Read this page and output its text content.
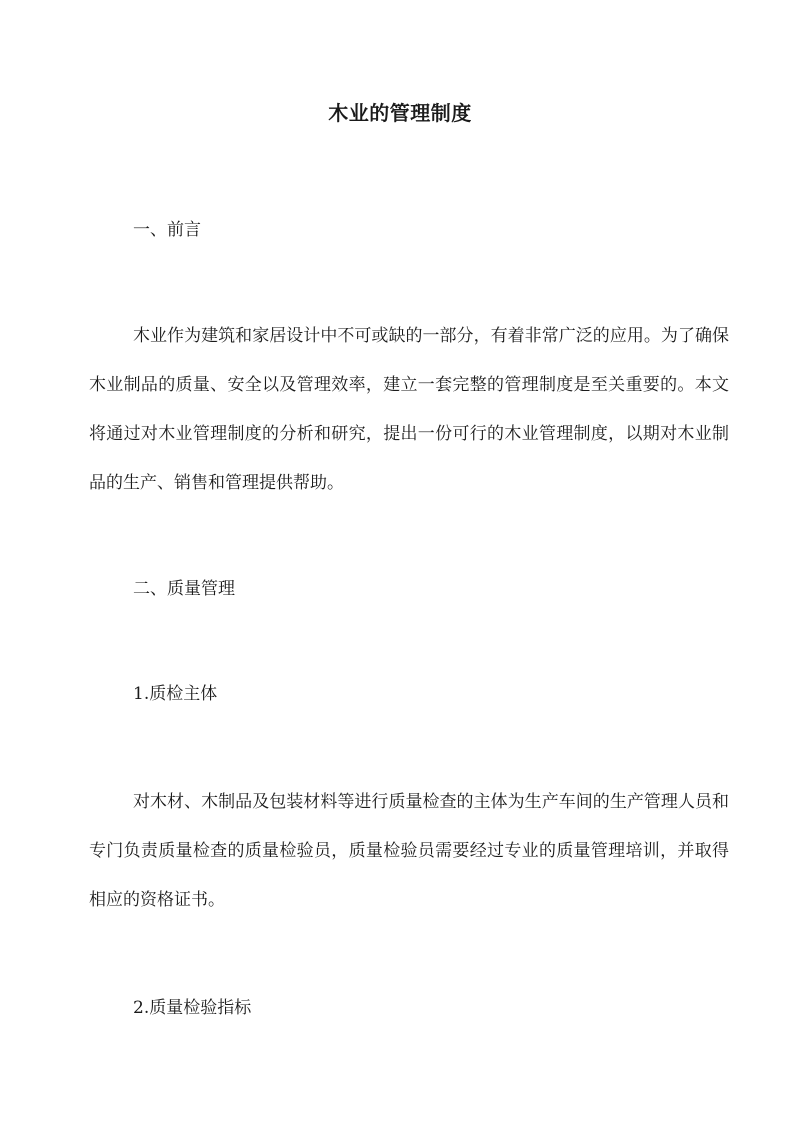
木业的管理制度
一、前言
木业作为建筑和家居设计中不可或缺的一部分，有着非常广泛的应用。为了确保木业制品的质量、安全以及管理效率，建立一套完整的管理制度是至关重要的。本文将通过对木业管理制度的分析和研究，提出一份可行的木业管理制度，以期对木业制品的生产、销售和管理提供帮助。
二、质量管理
1.质检主体
对木材、木制品及包装材料等进行质量检查的主体为生产车间的生产管理人员和专门负责质量检查的质量检验员，质量检验员需要经过专业的质量管理培训，并取得相应的资格证书。
2.质量检验指标
